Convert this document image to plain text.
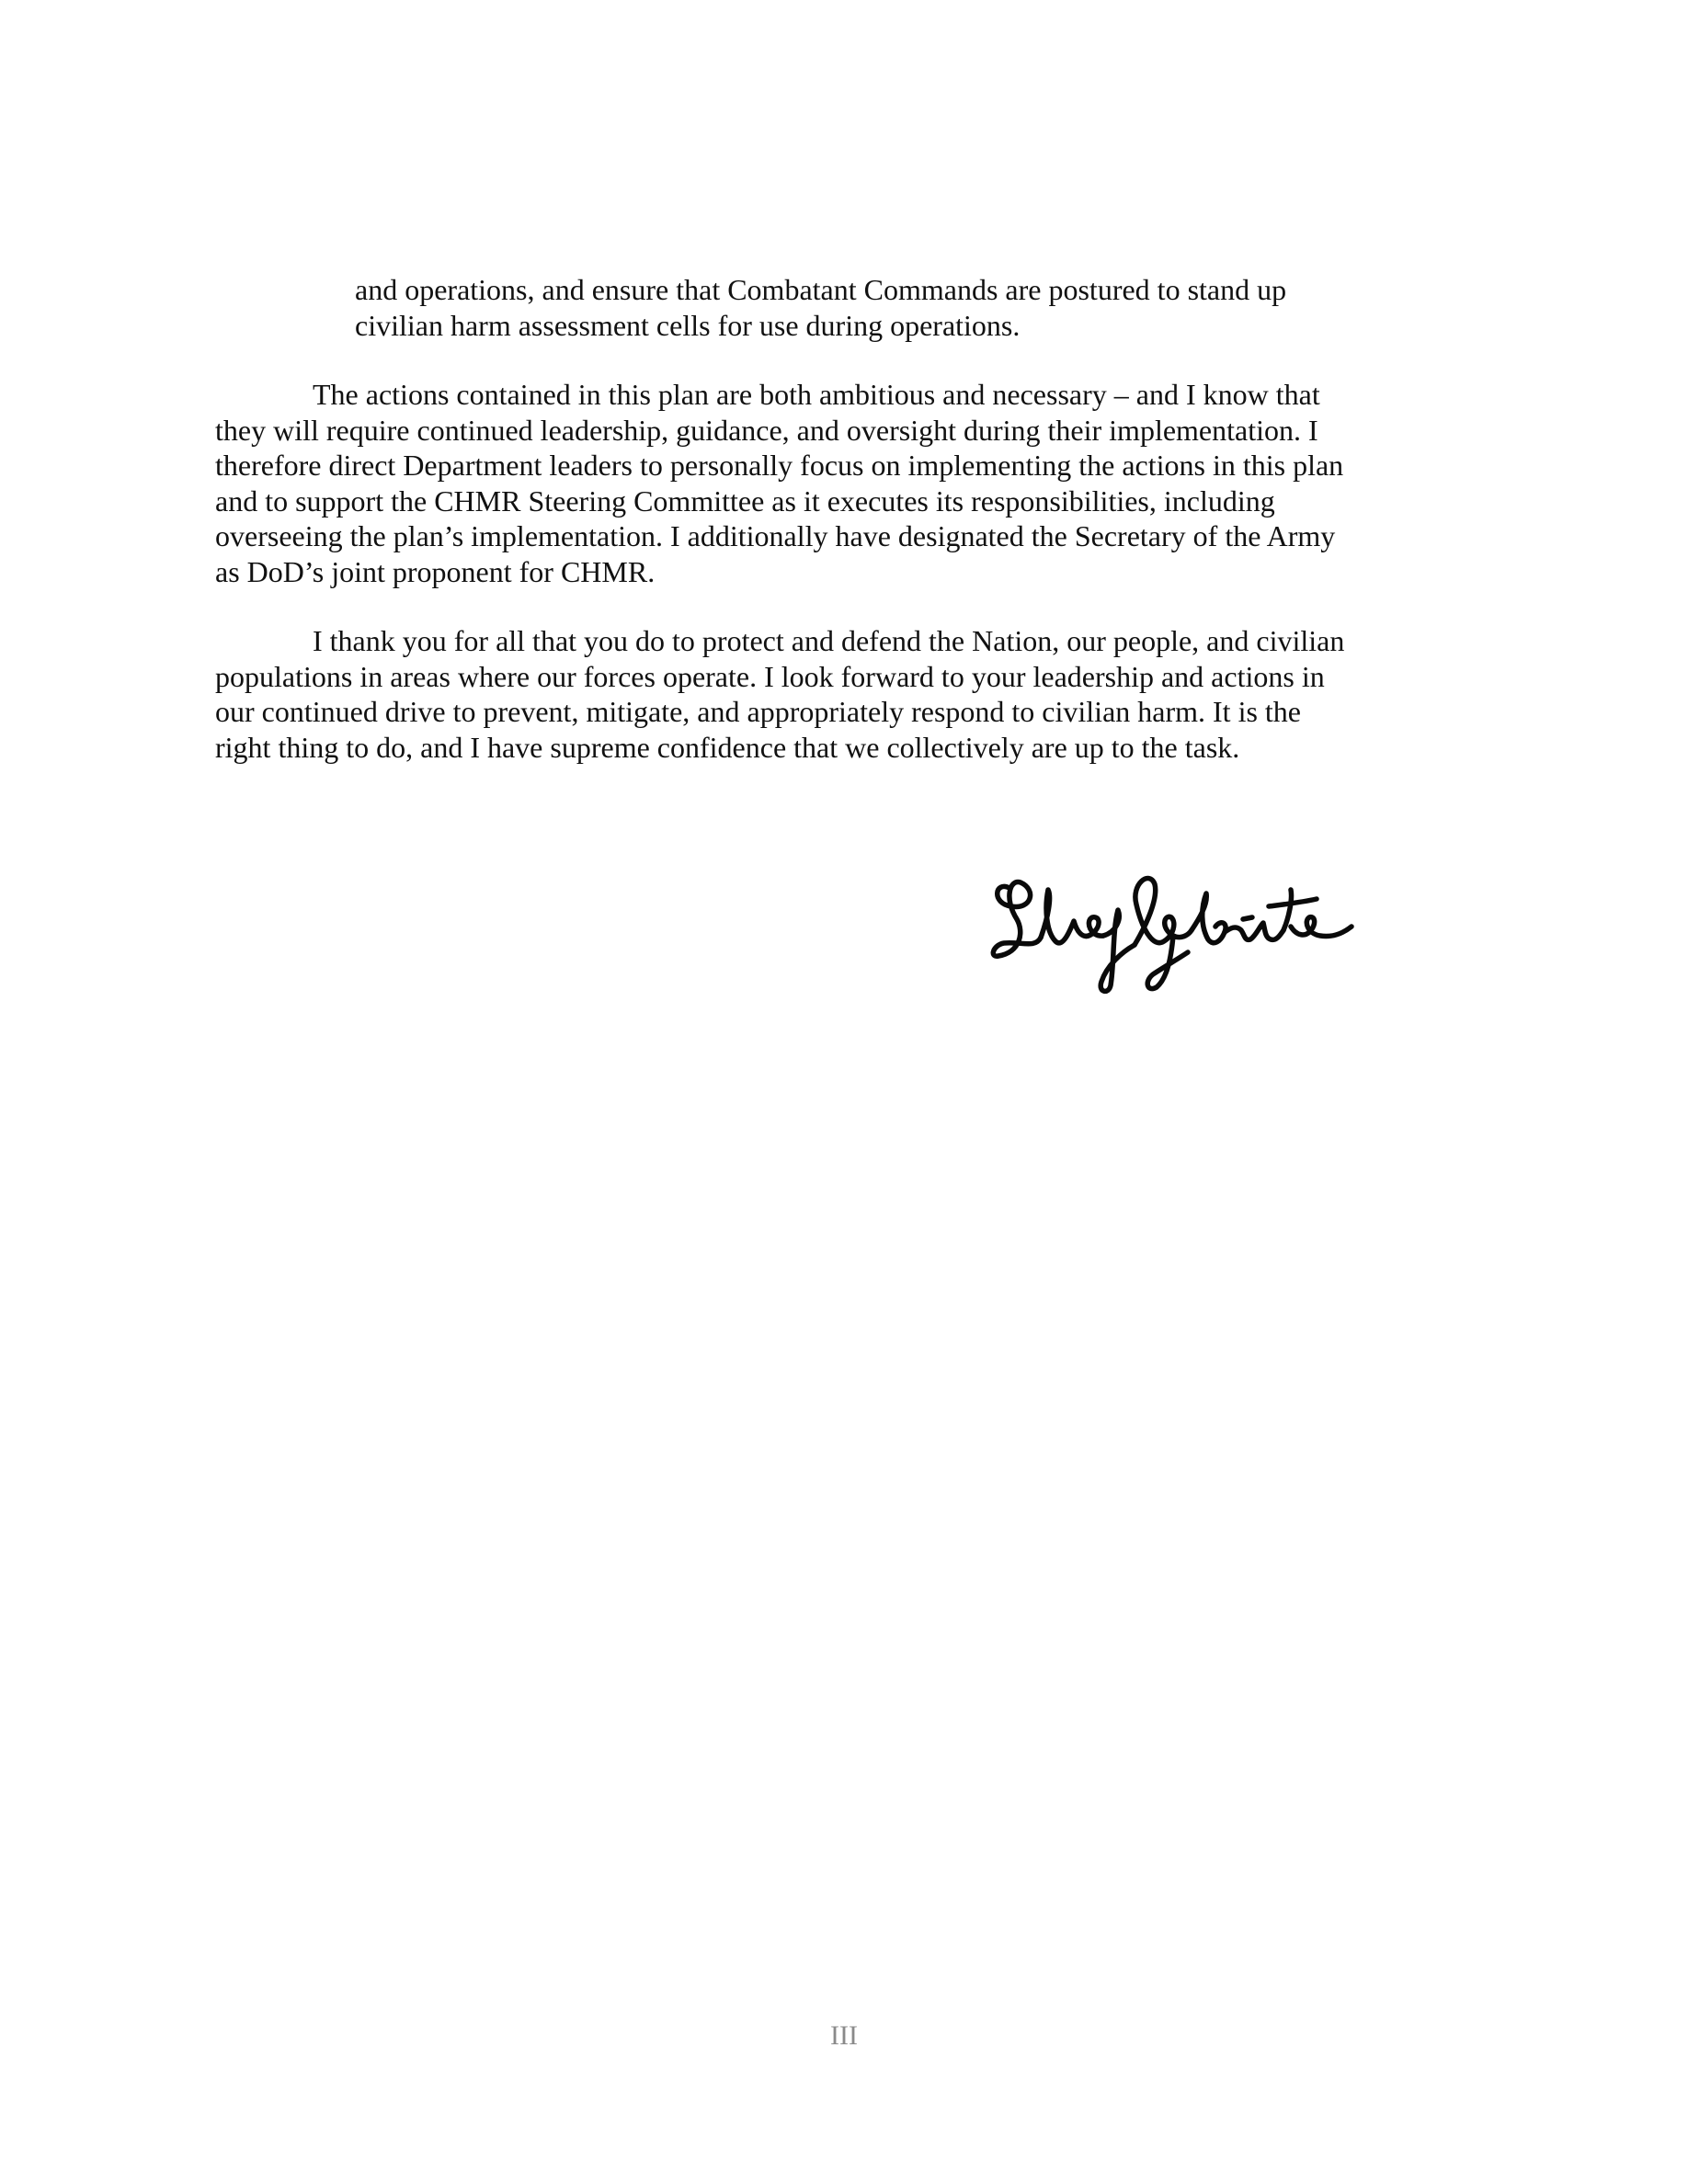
and operations, and ensure that Combatant Commands are postured to stand up
civilian harm assessment cells for use during operations.

The actions contained in this plan are both ambitious and necessary – and I know that
they will require continued leadership, guidance, and oversight during their implementation. I
therefore direct Department leaders to personally focus on implementing the actions in this plan
and to support the CHMR Steering Committee as it executes its responsibilities, including
overseeing the plan’s implementation. I additionally have designated the Secretary of the Army
as DoD’s joint proponent for CHMR.

I thank you for all that you do to protect and defend the Nation, our people, and civilian
populations in areas where our forces operate. I look forward to your leadership and actions in
our continued drive to prevent, mitigate, and appropriately respond to civilian harm. It is the
right thing to do, and I have supreme confidence that we collectively are up to the task.

III
